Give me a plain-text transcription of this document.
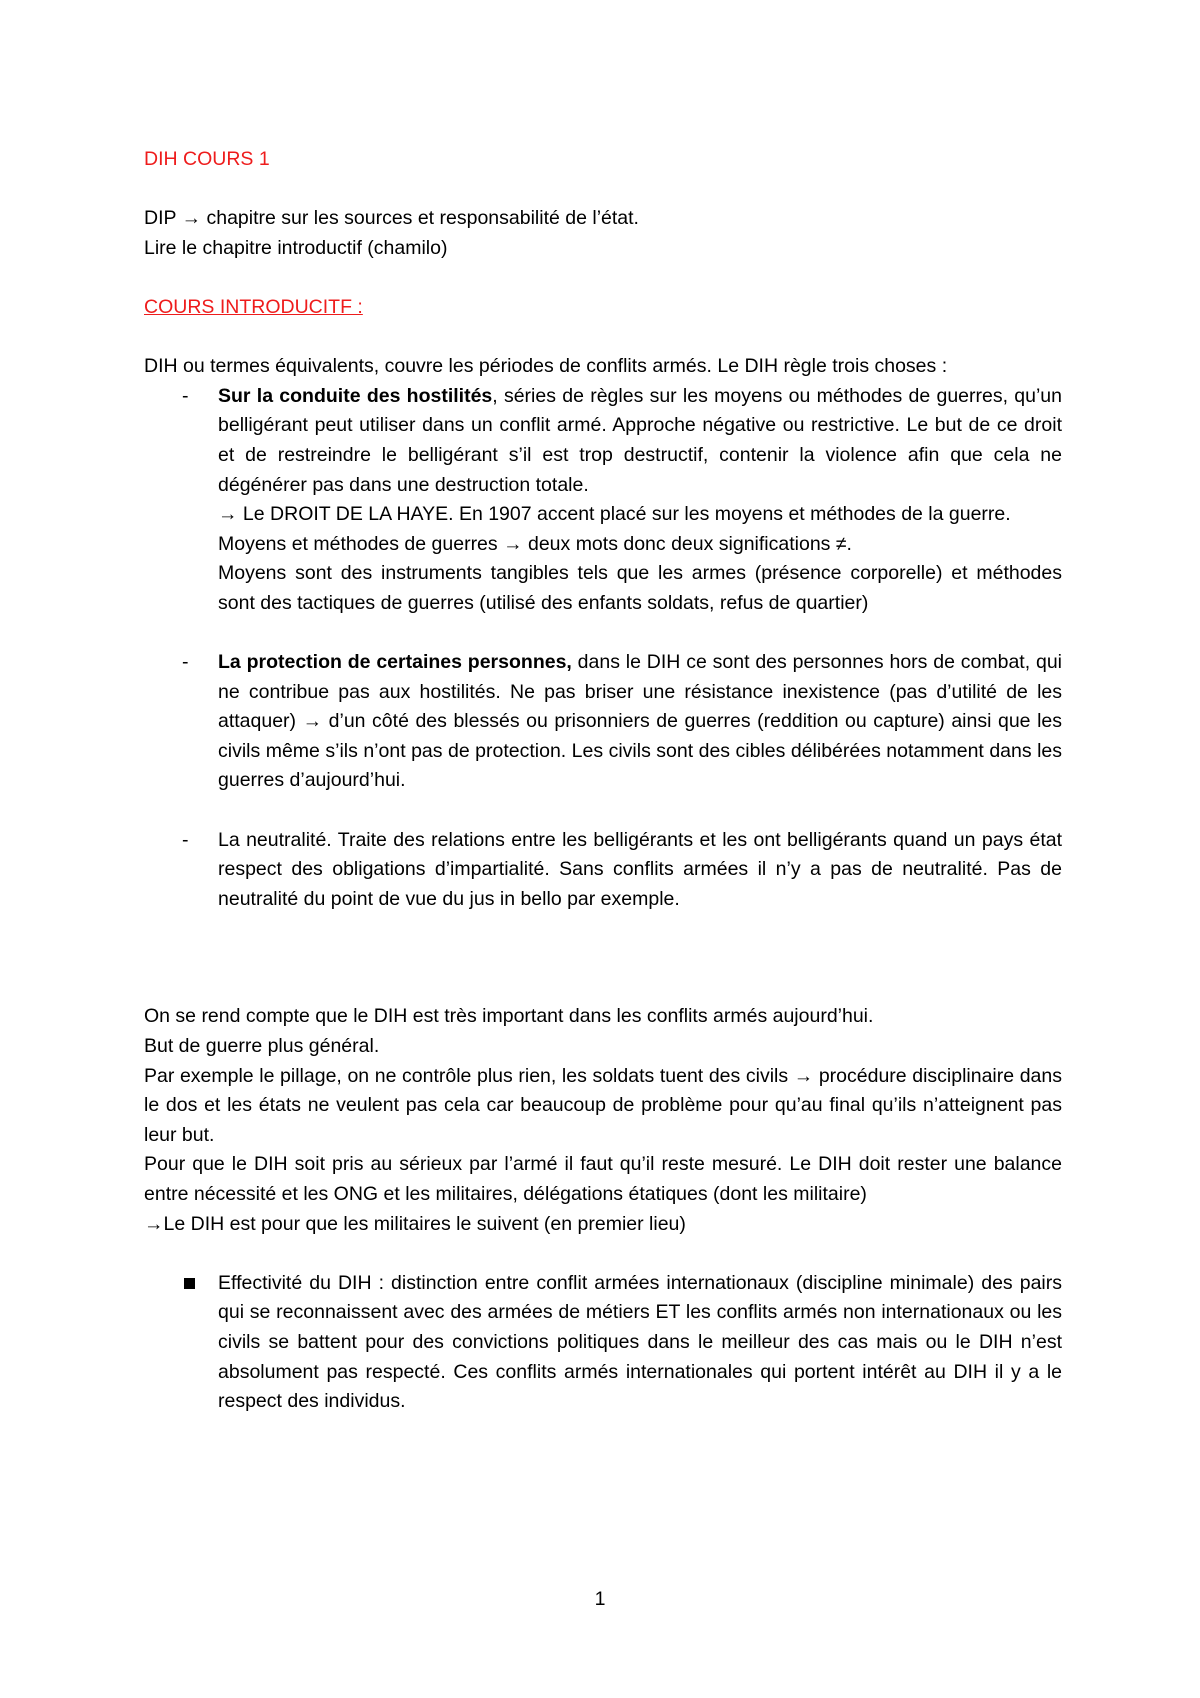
DIH COURS 1

DIP → chapitre sur les sources et responsabilité de l’état.

Lire le chapitre introductif (chamilo)

COURS INTRODUCITF :

DIH ou termes équivalents, couvre les périodes de conflits armés. Le DIH règle trois choses :

- Sur la conduite des hostilités, séries de règles sur les moyens ou méthodes de guerres, qu’un belligérant peut utiliser dans un conflit armé. Approche négative ou restrictive. Le but de ce droit et de restreindre le belligérant s’il est trop destructif, contenir la violence afin que cela ne dégénérer pas dans une destruction totale.
→ Le DROIT DE LA HAYE. En 1907 accent placé sur les moyens et méthodes de la guerre.
Moyens et méthodes de guerres → deux mots donc deux significations ≠.
Moyens sont des instruments tangibles tels que les armes (présence corporelle) et méthodes sont des tactiques de guerres (utilisé des enfants soldats, refus de quartier)
- La protection de certaines personnes, dans le DIH ce sont des personnes hors de combat, qui ne contribue pas aux hostilités. Ne pas briser une résistance inexistence (pas d’utilité de les attaquer) → d’un côté des blessés ou prisonniers de guerres (reddition ou capture) ainsi que les civils même s’ils n’ont pas de protection. Les civils sont des cibles délibérées notamment dans les guerres d’aujourd’hui.
- La neutralité. Traite des relations entre les belligérants et les ont belligérants quand un pays état respect des obligations d’impartialité. Sans conflits armées il n’y a pas de neutralité. Pas de neutralité du point de vue du jus in bello par exemple.

On se rend compte que le DIH est très important dans les conflits armés aujourd’hui.

But de guerre plus général.

Par exemple le pillage, on ne contrôle plus rien, les soldats tuent des civils → procédure disciplinaire dans le dos et les états ne veulent pas cela car beaucoup de problème pour qu’au final qu’ils n’atteignent pas leur but.
Pour que le DIH soit pris au sérieux par l’armé il faut qu’il reste mesuré. Le DIH doit rester une balance entre nécessité et les ONG et les militaires, délégations étatiques (dont les militaire)

→Le DIH est pour que les militaires le suivent (en premier lieu)

Effectivité du DIH : distinction entre conflit armées internationaux (discipline minimale) des pairs qui se reconnaissent avec des armées de métiers ET les conflits armés non internationaux ou les civils se battent pour des convictions politiques dans le meilleur des cas mais ou le DIH n’est absolument pas respecté. Ces conflits armés internationales qui portent intérêt au DIH il y a le respect des individus.
1
